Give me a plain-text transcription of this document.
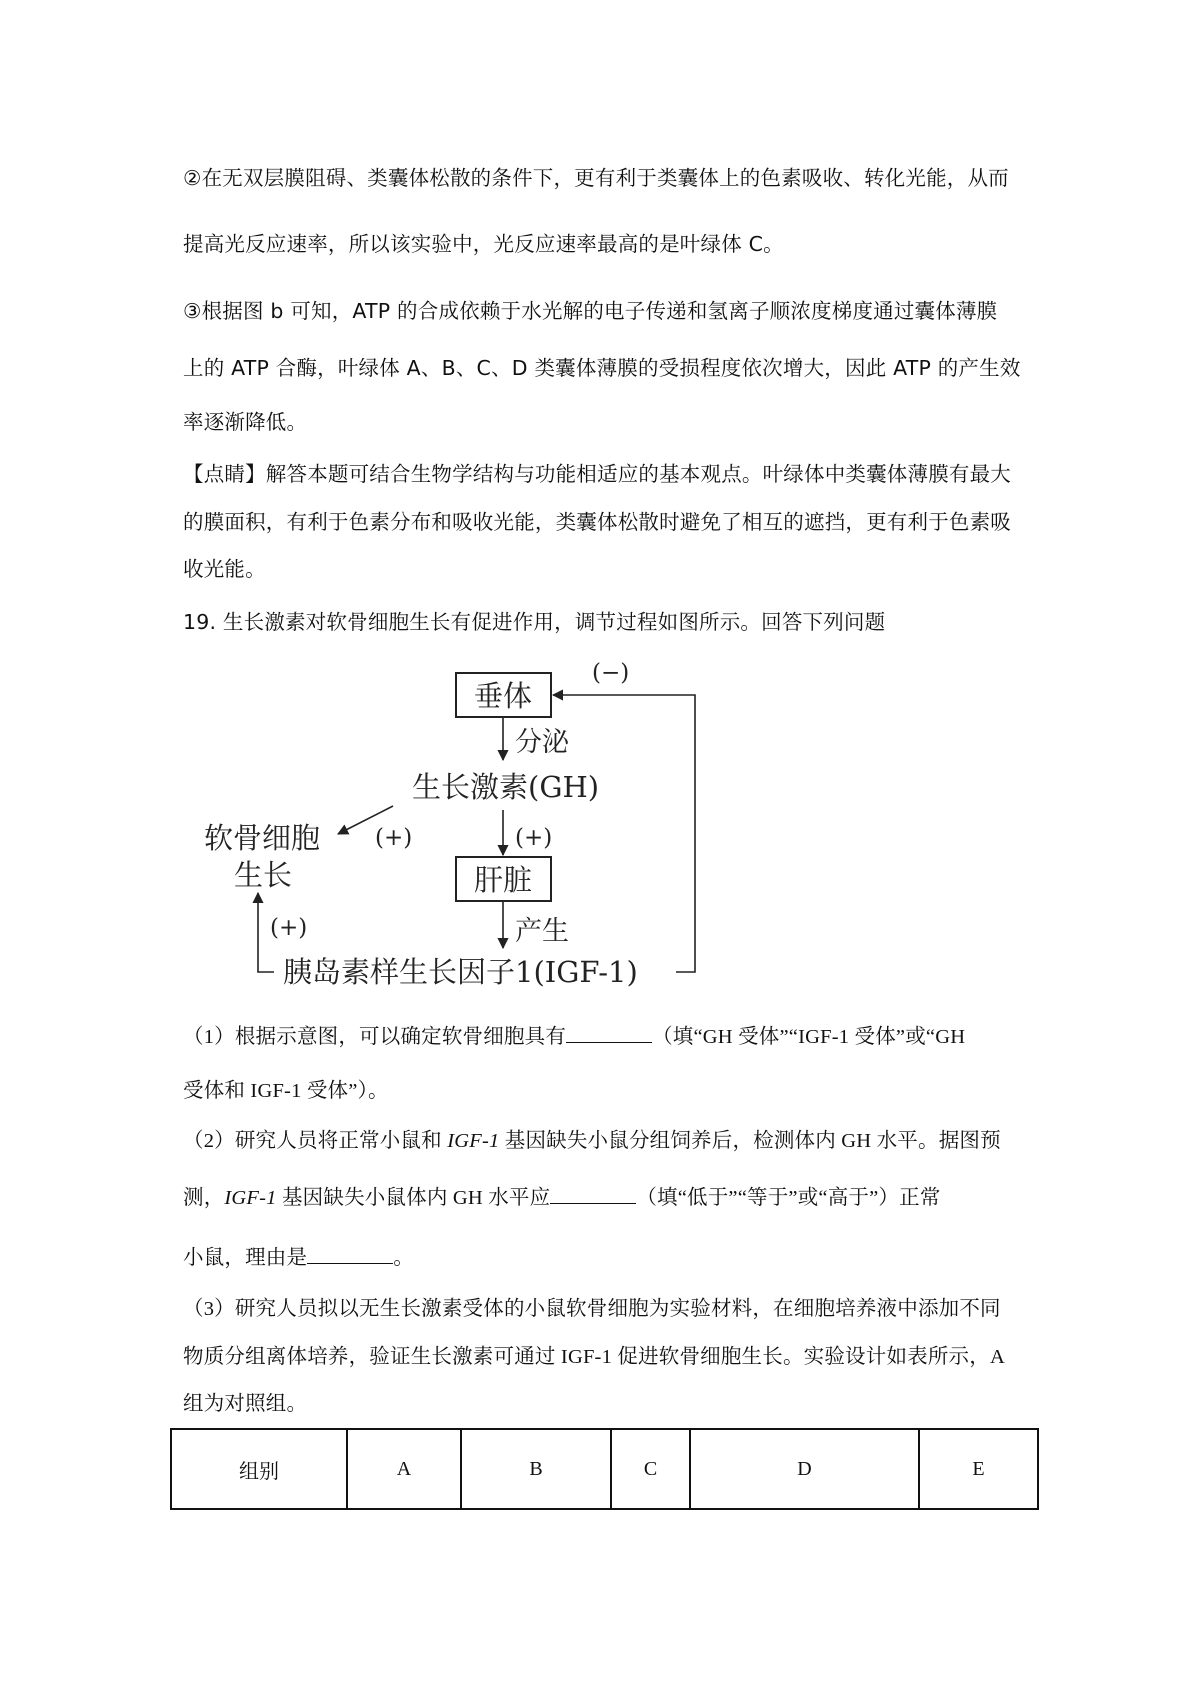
②在无双层膜阻碍、类囊体松散的条件下，更有利于类囊体上的色素吸收、转化光能，从而
提高光反应速率，所以该实验中，光反应速率最高的是叶绿体 C。
③根据图 b 可知，ATP 的合成依赖于水光解的电子传递和氢离子顺浓度梯度通过囊体薄膜
上的 ATP 合酶，叶绿体 A、B、C、D 类囊体薄膜的受损程度依次增大，因此 ATP 的产生效
率逐渐降低。
【点睛】解答本题可结合生物学结构与功能相适应的基本观点。叶绿体中类囊体薄膜有最大
的膜面积，有利于色素分布和吸收光能，类囊体松散时避免了相互的遮挡，更有利于色素吸
收光能。
19. 生长激素对软骨细胞生长有促进作用，调节过程如图所示。回答下列问题
垂体
分泌
生长激素(GH)
(+)
软骨细胞
生长
(+)
肝脏
产生
胰岛素样生长因子1(IGF-1)
(+)
(−)
（1）根据示意图，可以确定软骨细胞具有	（填“GH 受体”“IGF-1 受体”或“GH
受体和 IGF-1 受体”）。
（2）研究人员将正常小鼠和 IGF-1 基因缺失小鼠分组饲养后，检测体内 GH 水平。据图预
测，IGF-1 基因缺失小鼠体内 GH 水平应	（填“低于”“等于”或“高于”）正常
小鼠，理由是	。
（3）研究人员拟以无生长激素受体的小鼠软骨细胞为实验材料，在细胞培养液中添加不同
物质分组离体培养，验证生长激素可通过 IGF-1 促进软骨细胞生长。实验设计如表所示，A
组为对照组。
组别	A	B	C	D	E
